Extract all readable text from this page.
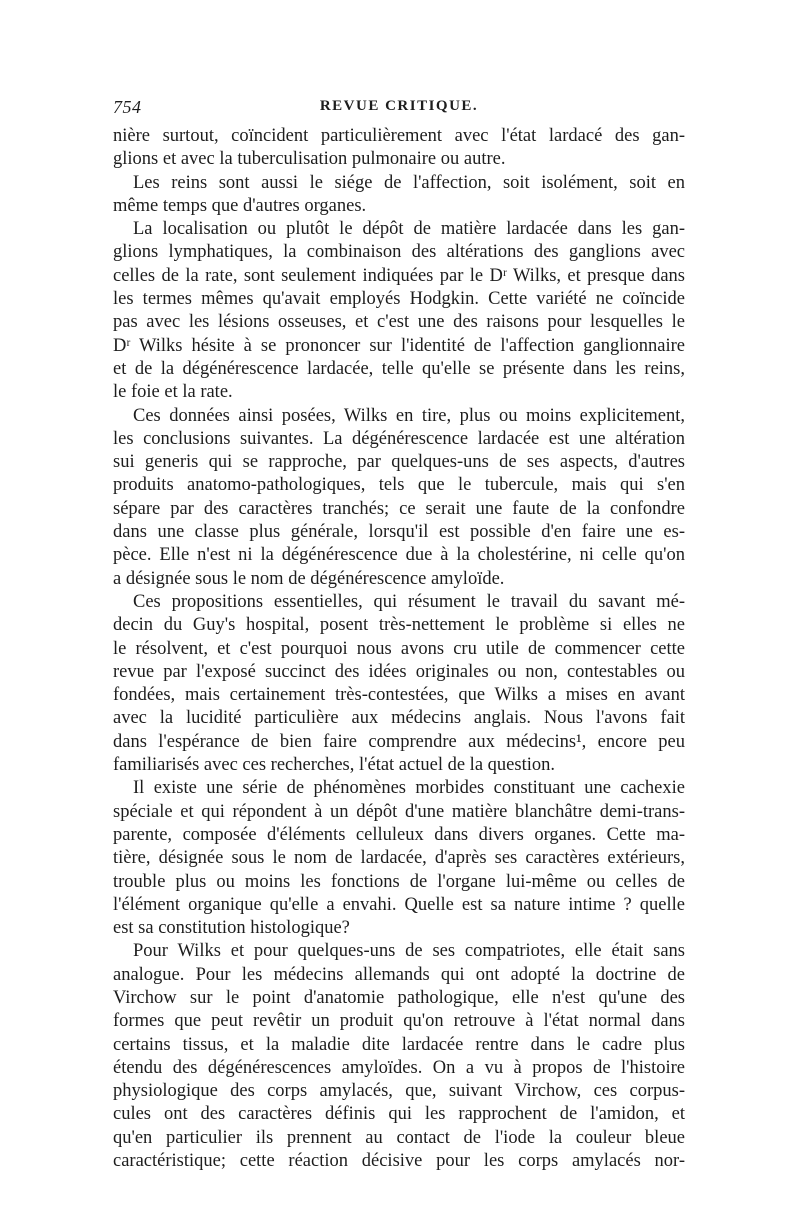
754	REVUE CRITIQUE.
nière surtout, coïncident particulièrement avec l'état lardacé des gan-
glions et avec la tuberculisation pulmonaire ou autre.
Les reins sont aussi le siége de l'affection, soit isolément, soit en
même temps que d'autres organes.
La localisation ou plutôt le dépôt de matière lardacée dans les gan-
glions lymphatiques, la combinaison des altérations des ganglions avec
celles de la rate, sont seulement indiquées par le Dʳ Wilks, et presque dans
les termes mêmes qu'avait employés Hodgkin. Cette variété ne coïncide
pas avec les lésions osseuses, et c'est une des raisons pour lesquelles le
Dʳ Wilks hésite à se prononcer sur l'identité de l'affection ganglionnaire
et de la dégénérescence lardacée, telle qu'elle se présente dans les reins,
le foie et la rate.
Ces données ainsi posées, Wilks en tire, plus ou moins explicitement,
les conclusions suivantes. La dégénérescence lardacée est une altération
sui generis qui se rapproche, par quelques-uns de ses aspects, d'autres
produits anatomo-pathologiques, tels que le tubercule, mais qui s'en
sépare par des caractères tranchés; ce serait une faute de la confondre
dans une classe plus générale, lorsqu'il est possible d'en faire une es-
pèce. Elle n'est ni la dégénérescence due à la cholestérine, ni celle qu'on
a désignée sous le nom de dégénérescence amyloïde.
Ces propositions essentielles, qui résument le travail du savant mé-
decin du Guy's hospital, posent très-nettement le problème si elles ne
le résolvent, et c'est pourquoi nous avons cru utile de commencer cette
revue par l'exposé succinct des idées originales ou non, contestables ou
fondées, mais certainement très-contestées, que Wilks a mises en avant
avec la lucidité particulière aux médecins anglais. Nous l'avons fait
dans l'espérance de bien faire comprendre aux médecins¹, encore peu
familiarisés avec ces recherches, l'état actuel de la question.
Il existe une série de phénomènes morbides constituant une cachexie
spéciale et qui répondent à un dépôt d'une matière blanchâtre demi-trans-
parente, composée d'éléments celluleux dans divers organes. Cette ma-
tière, désignée sous le nom de lardacée, d'après ses caractères extérieurs,
trouble plus ou moins les fonctions de l'organe lui-même ou celles de
l'élément organique qu'elle a envahi. Quelle est sa nature intime ? quelle
est sa constitution histologique?
Pour Wilks et pour quelques-uns de ses compatriotes, elle était sans
analogue. Pour les médecins allemands qui ont adopté la doctrine de
Virchow sur le point d'anatomie pathologique, elle n'est qu'une des
formes que peut revêtir un produit qu'on retrouve à l'état normal dans
certains tissus, et la maladie dite lardacée rentre dans le cadre plus
étendu des dégénérescences amyloïdes. On a vu à propos de l'histoire
physiologique des corps amylacés, que, suivant Virchow, ces corpus-
cules ont des caractères définis qui les rapprochent de l'amidon, et
qu'en particulier ils prennent au contact de l'iode la couleur bleue
caractéristique; cette réaction décisive pour les corps amylacés nor-
